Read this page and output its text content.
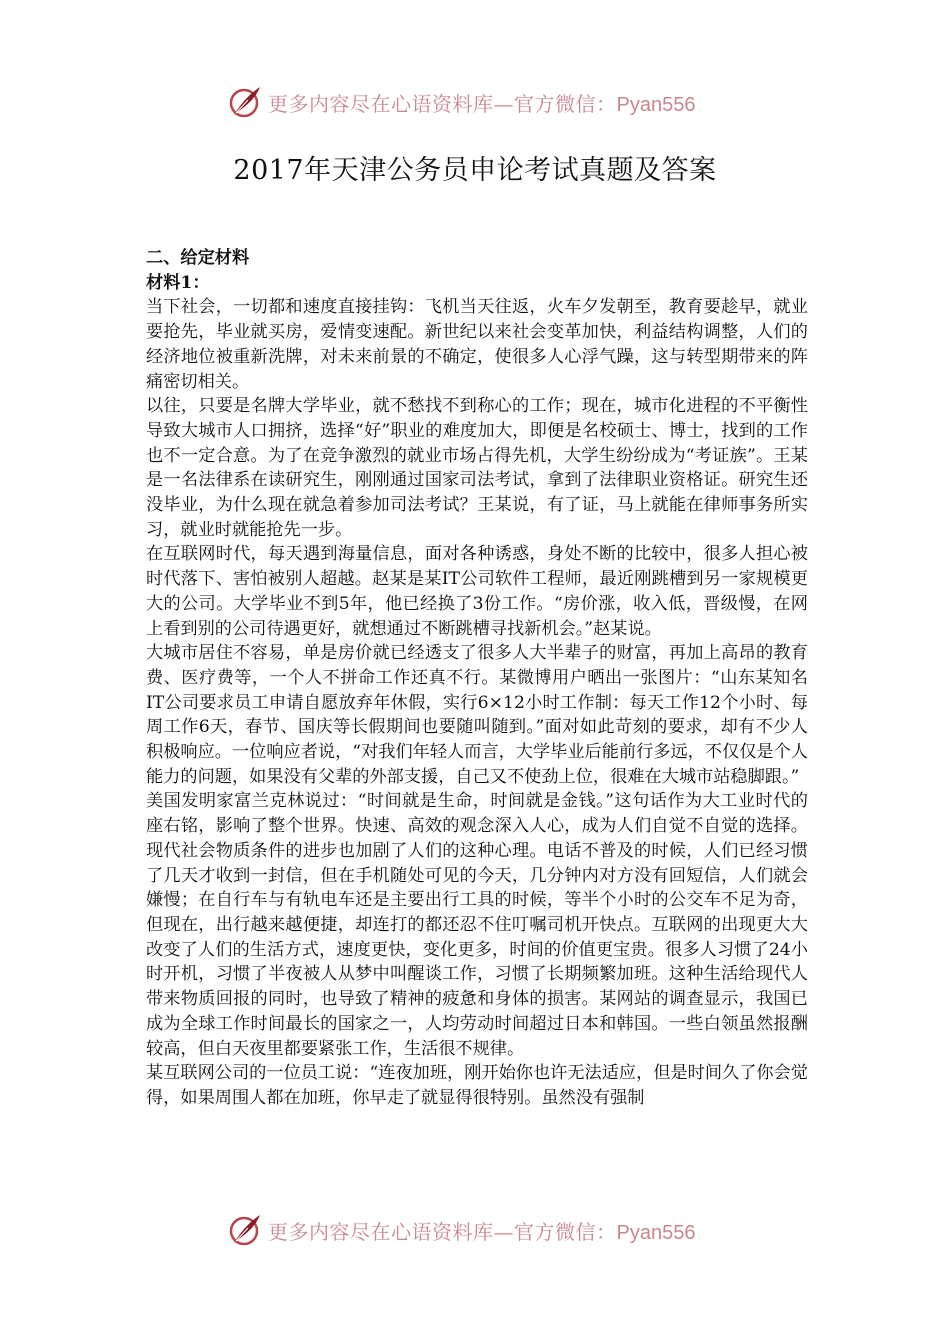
更多内容尽在心语资料库—官方微信：Pyan556
2017年天津公务员申论考试真题及答案

二、给定材料

材料1：

当下社会，一切都和速度直接挂钩：飞机当天往返，火车夕发朝至，教育要趁早，就业要抢先，毕业就买房，爱情变速配。新世纪以来社会变革加快，利益结构调整，人们的经济地位被重新洗牌，对未来前景的不确定，使很多人心浮气躁，这与转型期带来的阵痛密切相关。

以往，只要是名牌大学毕业，就不愁找不到称心的工作；现在，城市化进程的不平衡性导致大城市人口拥挤，选择“好”职业的难度加大，即便是名校硕士、博士，找到的工作也不一定合意。为了在竞争激烈的就业市场占得先机，大学生纷纷成为“考证族”。王某是一名法律系在读研究生，刚刚通过国家司法考试，拿到了法律职业资格证。研究生还没毕业，为什么现在就急着参加司法考试？王某说，有了证，马上就能在律师事务所实习，就业时就能抢先一步。

在互联网时代，每天遇到海量信息，面对各种诱惑，身处不断的比较中，很多人担心被时代落下、害怕被别人超越。赵某是某IT公司软件工程师，最近刚跳槽到另一家规模更大的公司。大学毕业不到5年，他已经换了3份工作。“房价涨，收入低，晋级慢，在网上看到别的公司待遇更好，就想通过不断跳槽寻找新机会。”赵某说。

大城市居住不容易，单是房价就已经透支了很多人大半辈子的财富，再加上高昂的教育费、医疗费等，一个人不拼命工作还真不行。某微博用户晒出一张图片：“山东某知名IT公司要求员工申请自愿放弃年休假，实行6×12小时工作制：每天工作12个小时、每周工作6天，春节、国庆等长假期间也要随叫随到。”面对如此苛刻的要求，却有不少人积极响应。一位响应者说，“对我们年轻人而言，大学毕业后能前行多远，不仅仅是个人能力的问题，如果没有父辈的外部支援，自己又不使劲上位，很难在大城市站稳脚跟。”

美国发明家富兰克林说过：“时间就是生命，时间就是金钱。”这句话作为大工业时代的座右铭，影响了整个世界。快速、高效的观念深入人心，成为人们自觉不自觉的选择。现代社会物质条件的进步也加剧了人们的这种心理。电话不普及的时候，人们已经习惯了几天才收到一封信，但在手机随处可见的今天，几分钟内对方没有回短信，人们就会嫌慢；在自行车与有轨电车还是主要出行工具的时候，等半个小时的公交车不足为奇，但现在，出行越来越便捷，却连打的都还忍不住叮嘱司机开快点。互联网的出现更大大改变了人们的生活方式，速度更快，变化更多，时间的价值更宝贵。很多人习惯了24小时开机，习惯了半夜被人从梦中叫醒谈工作，习惯了长期频繁加班。这种生活给现代人带来物质回报的同时，也导致了精神的疲惫和身体的损害。某网站的调查显示，我国已成为全球工作时间最长的国家之一，人均劳动时间超过日本和韩国。一些白领虽然报酬较高，但白天夜里都要紧张工作，生活很不规律。

某互联网公司的一位员工说：“连夜加班，刚开始你也许无法适应，但是时间久了你会觉得，如果周围人都在加班，你早走了就显得很特别。虽然没有强制

更多内容尽在心语资料库—官方微信：Pyan556
